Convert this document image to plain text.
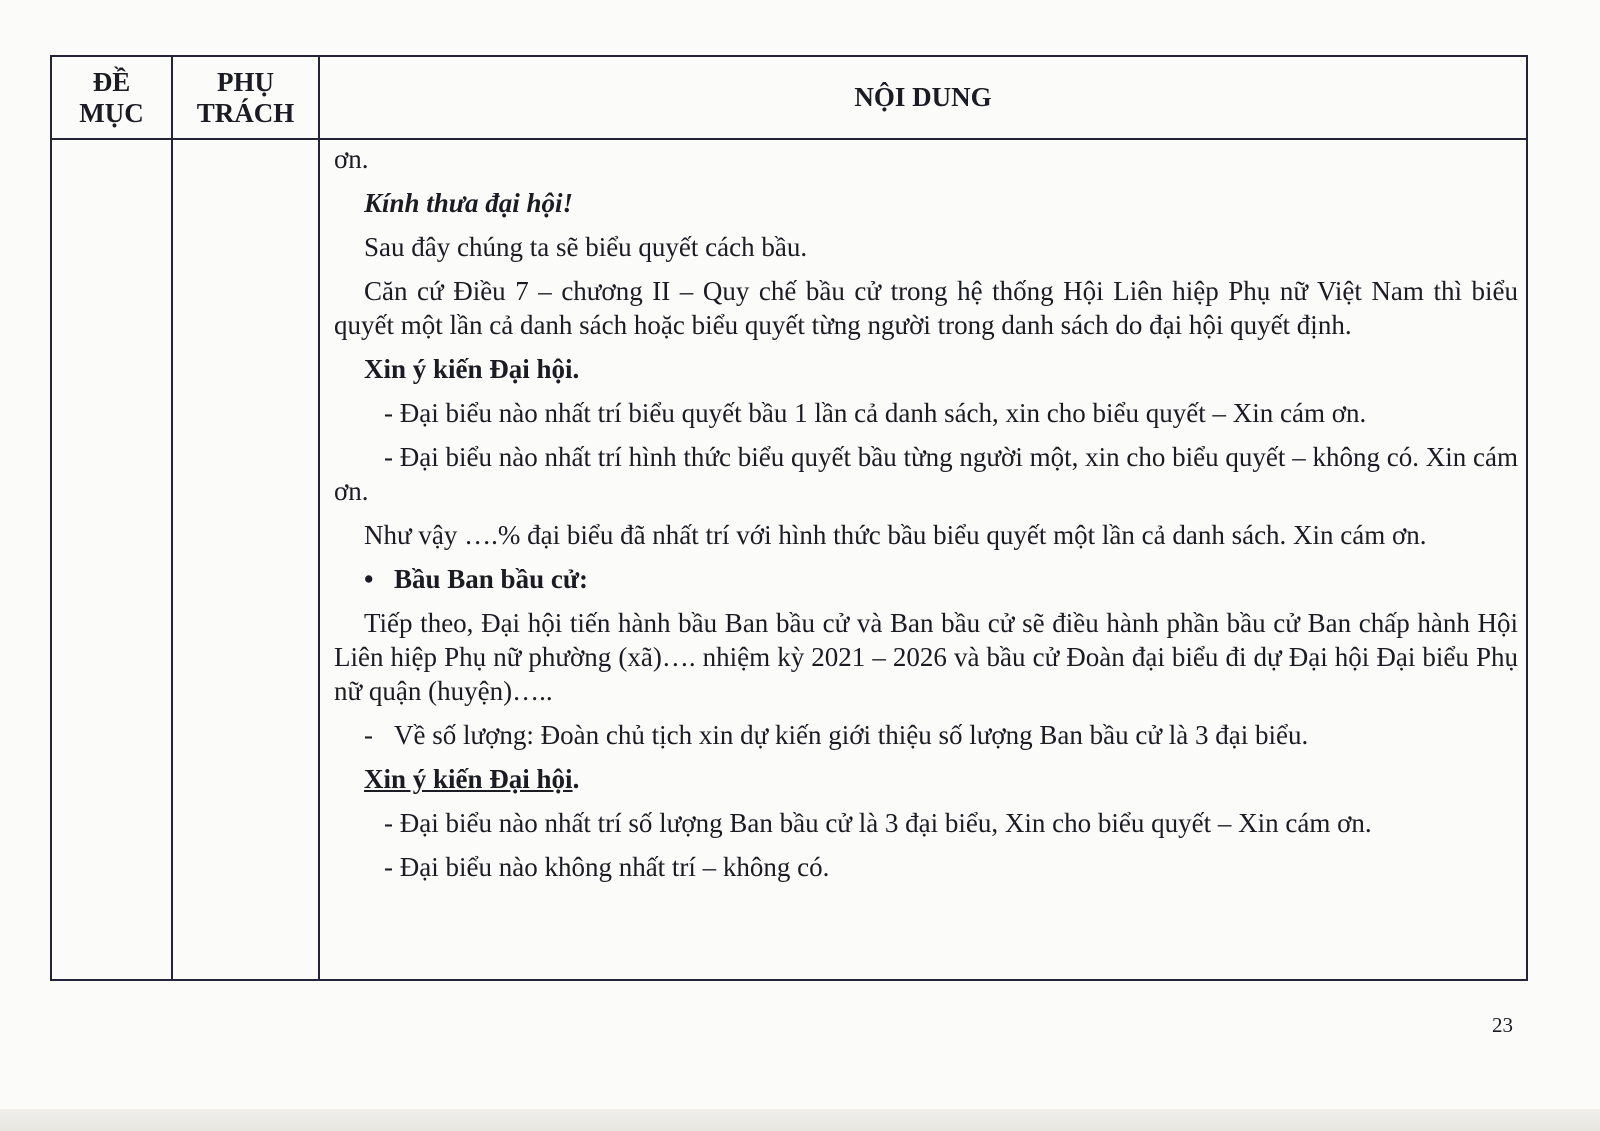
ĐỀ
MỤC
PHỤ
TRÁCH
NỘI DUNG

ơn.

Kính thưa đại hội!

Sau đây chúng ta sẽ biểu quyết cách bầu.

Căn cứ Điều 7 – chương II – Quy chế bầu cử trong hệ thống Hội Liên hiệp Phụ nữ Việt Nam thì biểu quyết một lần cả danh sách hoặc biểu quyết từng người trong danh sách do đại hội quyết định.

Xin ý kiến Đại hội.

- Đại biểu nào nhất trí biểu quyết bầu 1 lần cả danh sách, xin cho biểu quyết – Xin cám ơn.

- Đại biểu nào nhất trí hình thức biểu quyết bầu từng người một, xin cho biểu quyết – không có. Xin cám ơn.

Như vậy ….% đại biểu đã nhất trí với hình thức bầu biểu quyết một lần cả danh sách. Xin cám ơn.

• Bầu Ban bầu cử:

Tiếp theo, Đại hội tiến hành bầu Ban bầu cử và Ban bầu cử sẽ điều hành phần bầu cử Ban chấp hành Hội Liên hiệp Phụ nữ phường (xã)…. nhiệm kỳ 2021 – 2026 và bầu cử Đoàn đại biểu đi dự Đại hội Đại biểu Phụ nữ quận (huyện)…..

- Về số lượng: Đoàn chủ tịch xin dự kiến giới thiệu số lượng Ban bầu cử là 3 đại biểu.

Xin ý kiến Đại hội.

- Đại biểu nào nhất trí số lượng Ban bầu cử là 3 đại biểu, Xin cho biểu quyết – Xin cám ơn.

- Đại biểu nào không nhất trí – không có.

23
